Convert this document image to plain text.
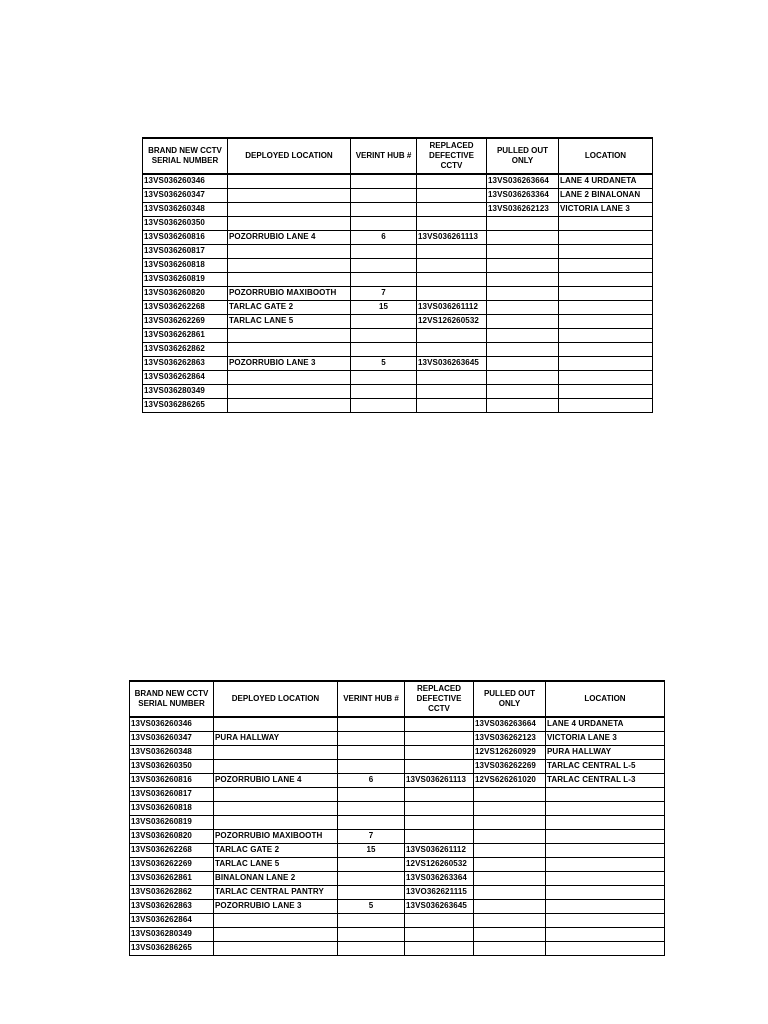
BRAND NEW CCTV SERIAL NUMBER	DEPLOYED LOCATION	VERINT HUB #	REPLACED DEFECTIVE CCTV	PULLED OUT ONLY	LOCATION
13VS036260346				13VS036263664	LANE 4 URDANETA
13VS036260347				13VS036263364	LANE 2 BINALONAN
13VS036260348				13VS036262123	VICTORIA LANE 3
13VS036260350					
13VS036260816	POZORRUBIO LANE 4	6	13VS036261113		
13VS036260817					
13VS036260818					
13VS036260819					
13VS036260820	POZORRUBIO MAXIBOOTH	7			
13VS036262268	TARLAC GATE 2	15	13VS036261112		
13VS036262269	TARLAC LANE 5		12VS126260532		
13VS036262861					
13VS036262862					
13VS036262863	POZORRUBIO LANE 3	5	13VS036263645		
13VS036262864					
13VS036280349					
13VS036286265					
BRAND NEW CCTV SERIAL NUMBER	DEPLOYED LOCATION	VERINT HUB #	REPLACED DEFECTIVE CCTV	PULLED OUT ONLY	LOCATION
13VS036260346				13VS036263664	LANE 4 URDANETA
13VS036260347	PURA HALLWAY			13VS036262123	VICTORIA LANE 3
13VS036260348				12VS126260929	PURA HALLWAY
13VS036260350				13VS036262269	TARLAC CENTRAL L-5
13VS036260816	POZORRUBIO LANE 4	6	13VS036261113	12VS626261020	TARLAC CENTRAL L-3
13VS036260817					
13VS036260818					
13VS036260819					
13VS036260820	POZORRUBIO MAXIBOOTH	7			
13VS036262268	TARLAC GATE 2	15	13VS036261112		
13VS036262269	TARLAC LANE 5		12VS126260532		
13VS036262861	BINALONAN LANE 2		13VS036263364		
13VS036262862	TARLAC CENTRAL PANTRY		13VO362621115		
13VS036262863	POZORRUBIO LANE 3	5	13VS036263645		
13VS036262864					
13VS036280349					
13VS036286265					
